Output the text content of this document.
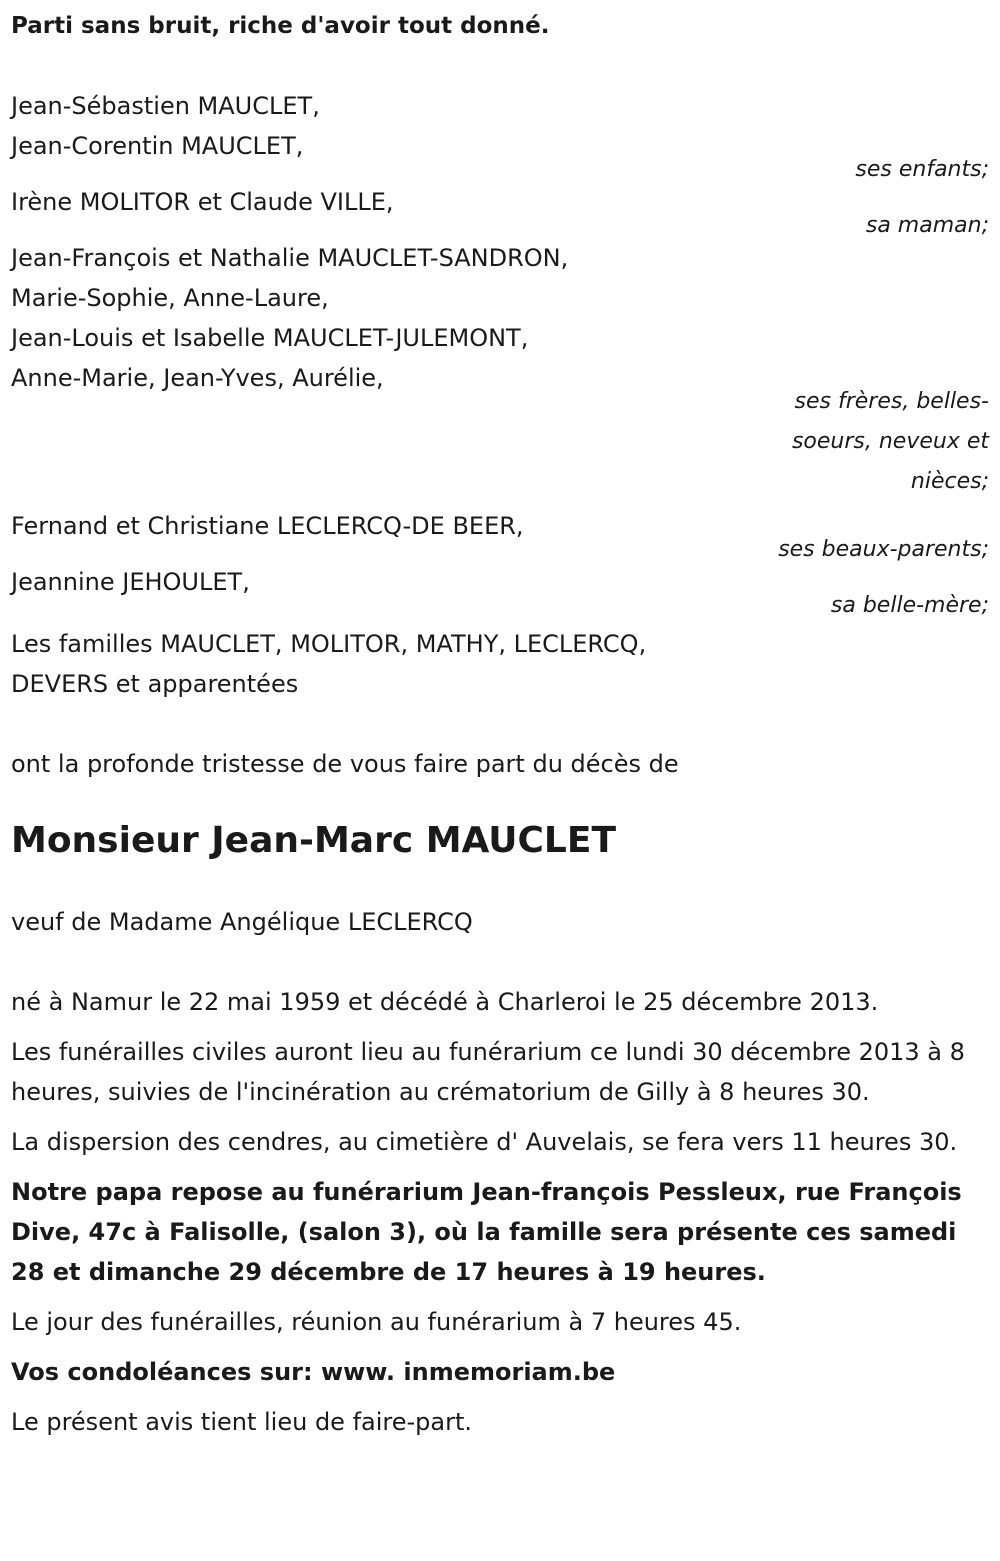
Parti sans bruit, riche d'avoir tout donné.
Jean-Sébastien MAUCLET,
Jean-Corentin MAUCLET,
ses enfants;
Irène MOLITOR et Claude VILLE,
sa maman;
Jean-François et Nathalie MAUCLET-SANDRON,
Marie-Sophie, Anne-Laure,
Jean-Louis et Isabelle MAUCLET-JULEMONT,
Anne-Marie, Jean-Yves, Aurélie,
ses frères, belles-soeurs, neveux et nièces;
Fernand et Christiane LECLERCQ-DE BEER,
ses beaux-parents;
Jeannine JEHOULET,
sa belle-mère;
Les familles MAUCLET, MOLITOR, MATHY, LECLERCQ,
DEVERS et apparentées
ont la profonde tristesse de vous faire part du décès de
Monsieur Jean-Marc MAUCLET
veuf de Madame Angélique LECLERCQ
né à Namur le 22 mai 1959 et décédé à Charleroi le 25 décembre 2013.

Les funérailles civiles auront lieu au funérarium ce lundi 30 décembre 2013 à 8 heures, suivies de l'incinération au crématorium de Gilly à 8 heures 30.

La dispersion des cendres, au cimetière d' Auvelais, se fera vers 11 heures 30.

Notre papa repose au funérarium Jean-françois Pessleux, rue François Dive, 47c à Falisolle, (salon 3), où la famille sera présente ces samedi 28 et dimanche 29 décembre de 17 heures à 19 heures.

Le jour des funérailles, réunion au funérarium à 7 heures 45.

Vos condoléances sur: www. inmemoriam.be

Le présent avis tient lieu de faire-part.
